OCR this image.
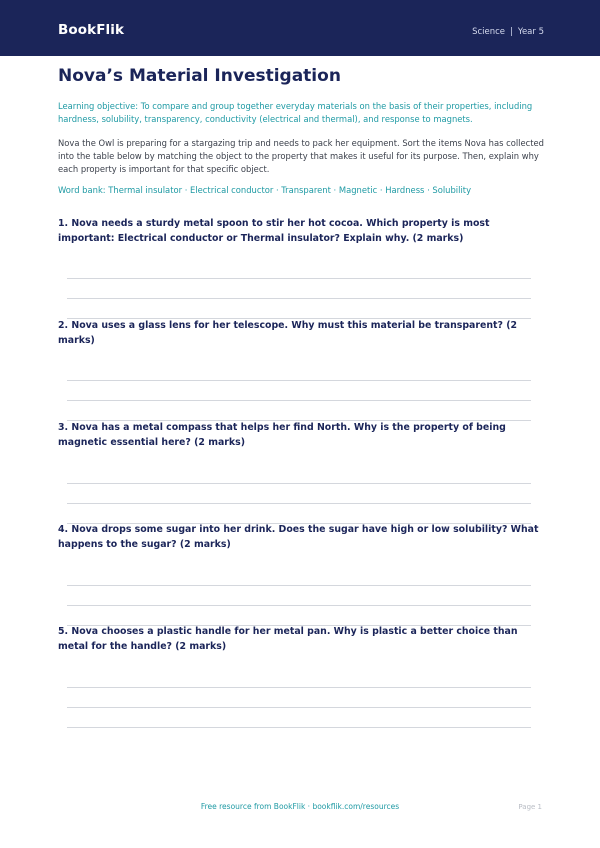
BookFlik	Science | Year 5
Nova’s Material Investigation

Learning objective: To compare and group together everyday materials on the basis of their properties, including hardness, solubility, transparency, conductivity (electrical and thermal), and response to magnets.

Nova the Owl is preparing for a stargazing trip and needs to pack her equipment. Sort the items Nova has collected into the table below by matching the object to the property that makes it useful for its purpose. Then, explain why each property is important for that specific object.

Word bank: Thermal insulator · Electrical conductor · Transparent · Magnetic · Hardness · Solubility

1. Nova needs a sturdy metal spoon to stir her hot cocoa. Which property is most important: Electrical conductor or Thermal insulator? Explain why. (2 marks)

2. Nova uses a glass lens for her telescope. Why must this material be transparent? (2 marks)

3. Nova has a metal compass that helps her find North. Why is the property of being magnetic essential here? (2 marks)

4. Nova drops some sugar into her drink. Does the sugar have high or low solubility? What happens to the sugar? (2 marks)

5. Nova chooses a plastic handle for her metal pan. Why is plastic a better choice than metal for the handle? (2 marks)

Free resource from BookFlik · bookflik.com/resources	Page 1
